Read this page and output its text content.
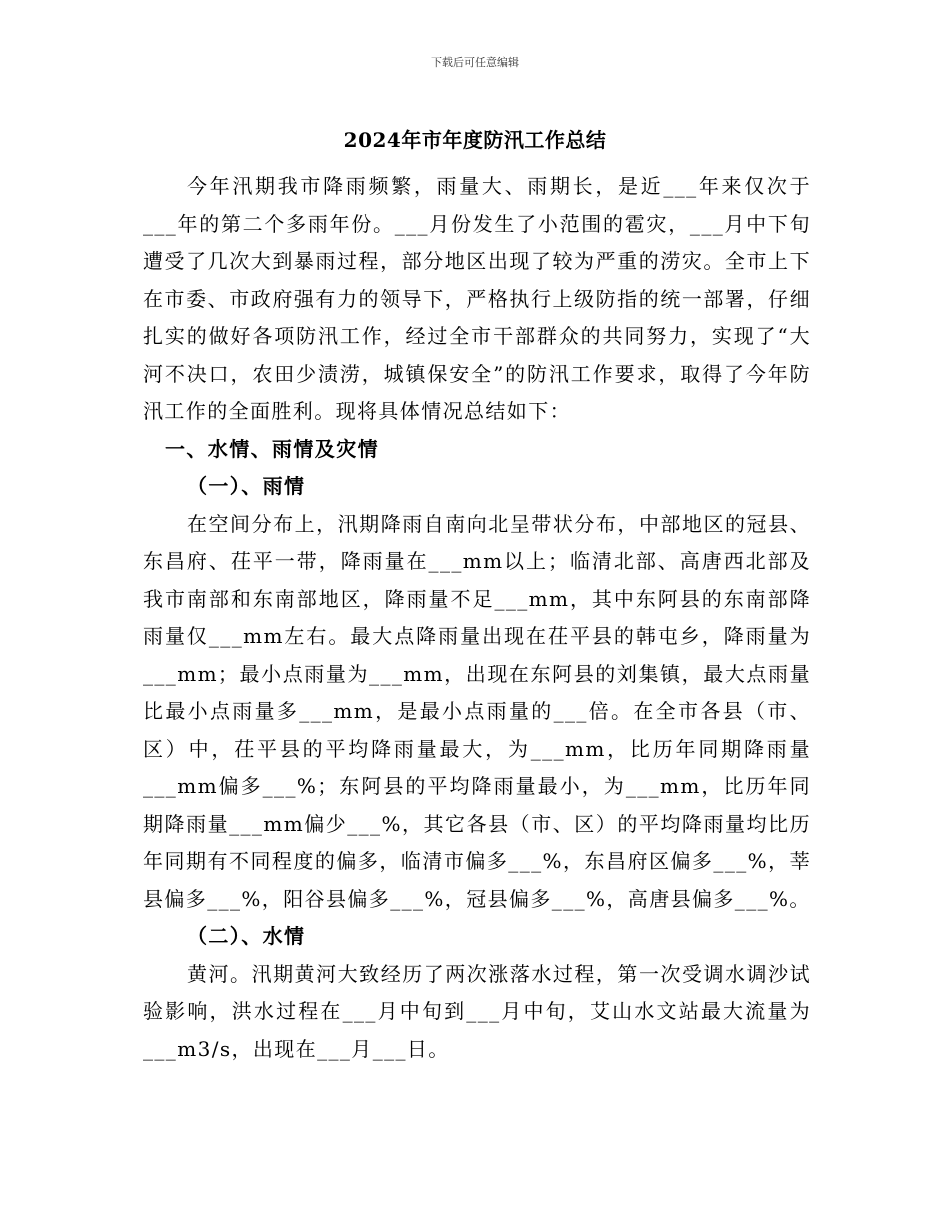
下载后可任意编辑
2024年市年度防汛工作总结

今年汛期我市降雨频繁，雨量大、雨期长，是近___年来仅次于___年的第二个多雨年份。___月份发生了小范围的雹灾，___月中下旬遭受了几次大到暴雨过程，部分地区出现了较为严重的涝灾。全市上下在市委、市政府强有力的领导下，严格执行上级防指的统一部署，仔细扎实的做好各项防汛工作，经过全市干部群众的共同努力，实现了“大河不决口，农田少渍涝，城镇保安全”的防汛工作要求，取得了今年防汛工作的全面胜利。现将具体情况总结如下：

一、水情、雨情及灾情
（一）、雨情

在空间分布上，汛期降雨自南向北呈带状分布，中部地区的冠县、东昌府、茌平一带，降雨量在___mm以上；临清北部、高唐西北部及我市南部和东南部地区，降雨量不足___mm，其中东阿县的东南部降雨量仅___mm左右。最大点降雨量出现在茌平县的韩屯乡，降雨量为___mm；最小点雨量为___mm，出现在东阿县的刘集镇，最大点雨量比最小点雨量多___mm，是最小点雨量的___倍。在全市各县（市、区）中，茌平县的平均降雨量最大，为___mm，比历年同期降雨量___mm偏多___%；东阿县的平均降雨量最小，为___mm，比历年同期降雨量___mm偏少___%，其它各县（市、区）的平均降雨量均比历年同期有不同程度的偏多，临清市偏多___%，东昌府区偏多___%，莘县偏多___%，阳谷县偏多___%，冠县偏多___%，高唐县偏多___%。

（二）、水情

黄河。汛期黄河大致经历了两次涨落水过程，第一次受调水调沙试验影响，洪水过程在___月中旬到___月中旬，艾山水文站最大流量为___m3/s，出现在___月___日。
